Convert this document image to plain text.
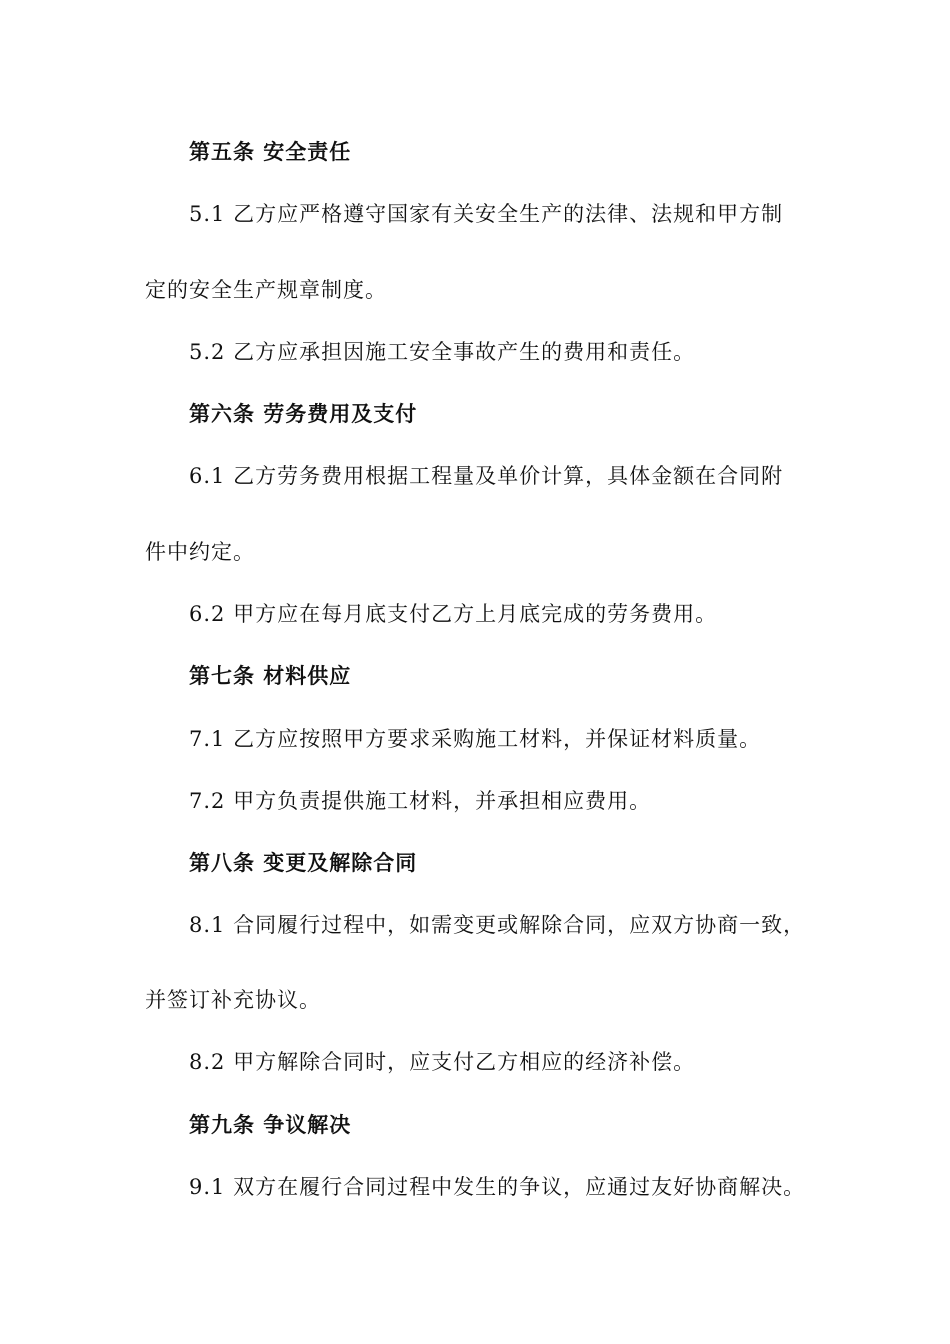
第五条 安全责任
5.1 乙方应严格遵守国家有关安全生产的法律、法规和甲方制
定的安全生产规章制度。
5.2 乙方应承担因施工安全事故产生的费用和责任。
第六条 劳务费用及支付
6.1 乙方劳务费用根据工程量及单价计算，具体金额在合同附
件中约定。
6.2 甲方应在每月底支付乙方上月底完成的劳务费用。
第七条 材料供应
7.1 乙方应按照甲方要求采购施工材料，并保证材料质量。
7.2 甲方负责提供施工材料，并承担相应费用。
第八条 变更及解除合同
8.1 合同履行过程中，如需变更或解除合同，应双方协商一致，
并签订补充协议。
8.2 甲方解除合同时，应支付乙方相应的经济补偿。
第九条 争议解决
9.1 双方在履行合同过程中发生的争议，应通过友好协商解决。
